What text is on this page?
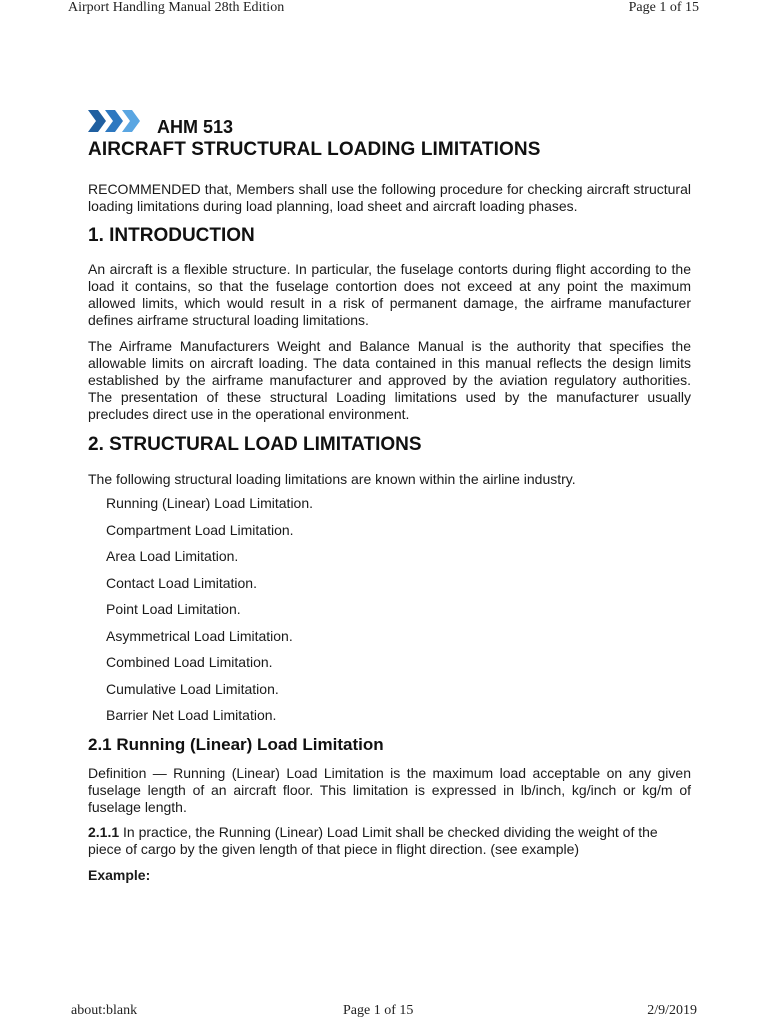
Airport Handling Manual 28th Edition	Page 1 of 15
AHM 513
AIRCRAFT STRUCTURAL LOADING LIMITATIONS

RECOMMENDED that, Members shall use the following procedure for checking aircraft structural loading limitations during load planning, load sheet and aircraft loading phases.

1. INTRODUCTION

An aircraft is a flexible structure. In particular, the fuselage contorts during flight according to the load it contains, so that the fuselage contortion does not exceed at any point the maximum allowed limits, which would result in a risk of permanent damage, the airframe manufacturer defines airframe structural loading limitations.

The Airframe Manufacturers Weight and Balance Manual is the authority that specifies the allowable limits on aircraft loading. The data contained in this manual reflects the design limits established by the airframe manufacturer and approved by the aviation regulatory authorities. The presentation of these structural Loading limitations used by the manufacturer usually precludes direct use in the operational environment.

2. STRUCTURAL LOAD LIMITATIONS

The following structural loading limitations are known within the airline industry.

Running (Linear) Load Limitation.
Compartment Load Limitation.
Area Load Limitation.
Contact Load Limitation.
Point Load Limitation.
Asymmetrical Load Limitation.
Combined Load Limitation.
Cumulative Load Limitation.
Barrier Net Load Limitation.
2.1 Running (Linear) Load Limitation

Definition — Running (Linear) Load Limitation is the maximum load acceptable on any given fuselage length of an aircraft floor. This limitation is expressed in lb/inch, kg/inch or kg/m of fuselage length.

2.1.1 In practice, the Running (Linear) Load Limit shall be checked dividing the weight of the piece of cargo by the given length of that piece in flight direction. (see example)

Example:
about:blank	Page 1 of 15	2/9/2019
